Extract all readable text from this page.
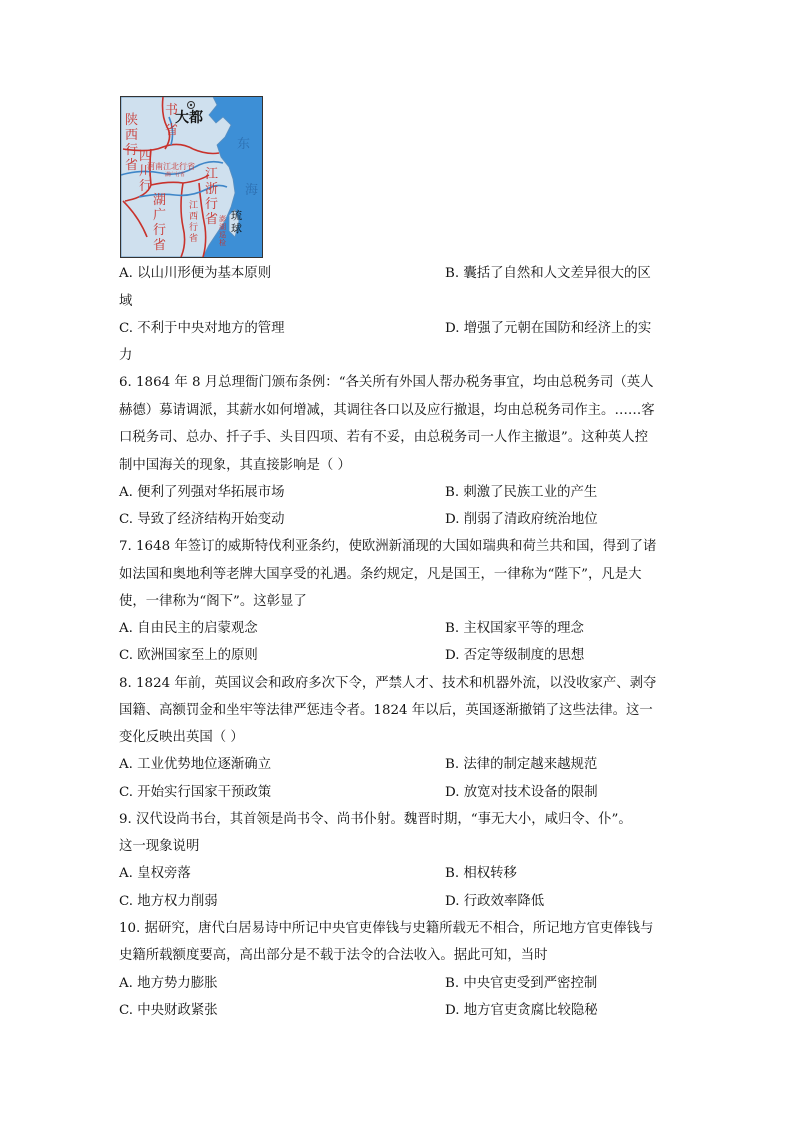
大都
书
省
陕西行省
四川行
湖广行省
河南江北行省
湖广行省 江浙行省
江西行省
东
海
琉球
澎湖巡检
A. 以山川形便为基本原则	B. 囊括了自然和人文差异很大的区
域
C. 不利于中央对地方的管理	D. 增强了元朝在国防和经济上的实
力
6. 1864 年 8 月总理衙门颁布条例：“各关所有外国人帮办税务事宜，均由总税务司（英人
赫德）募请调派，其薪水如何增减，其调往各口以及应行撤退，均由总税务司作主。……客
口税务司、总办、扦子手、头目四项、若有不妥，由总税务司一人作主撤退”。这种英人控
制中国海关的现象，其直接影响是（ ）
A. 便利了列强对华拓展市场	B. 刺激了民族工业的产生
C. 导致了经济结构开始变动	D. 削弱了清政府统治地位
7. 1648 年签订的威斯特伐利亚条约，使欧洲新涌现的大国如瑞典和荷兰共和国，得到了诸
如法国和奥地利等老牌大国享受的礼遇。条约规定，凡是国王，一律称为“陛下”，凡是大
使，一律称为“阁下”。这彰显了
A. 自由民主的启蒙观念	B. 主权国家平等的理念
C. 欧洲国家至上的原则	D. 否定等级制度的思想
8. 1824 年前，英国议会和政府多次下令，严禁人才、技术和机器外流，以没收家产、剥夺
国籍、高额罚金和坐牢等法律严惩违令者。1824 年以后，英国逐渐撤销了这些法律。这一
变化反映出英国（ ）
A. 工业优势地位逐渐确立	B. 法律的制定越来越规范
C. 开始实行国家干预政策	D. 放宽对技术设备的限制
9. 汉代设尚书台，其首领是尚书令、尚书仆射。魏晋时期，“事无大小，咸归令、仆”。
这一现象说明
A. 皇权旁落	B. 相权转移
C. 地方权力削弱	D. 行政效率降低
10. 据研究，唐代白居易诗中所记中央官吏俸钱与史籍所载无不相合，所记地方官吏俸钱与
史籍所载额度要高，高出部分是不载于法令的合法收入。据此可知，当时
A. 地方势力膨胀	B. 中央官吏受到严密控制
C. 中央财政紧张	D. 地方官吏贪腐比较隐秘
